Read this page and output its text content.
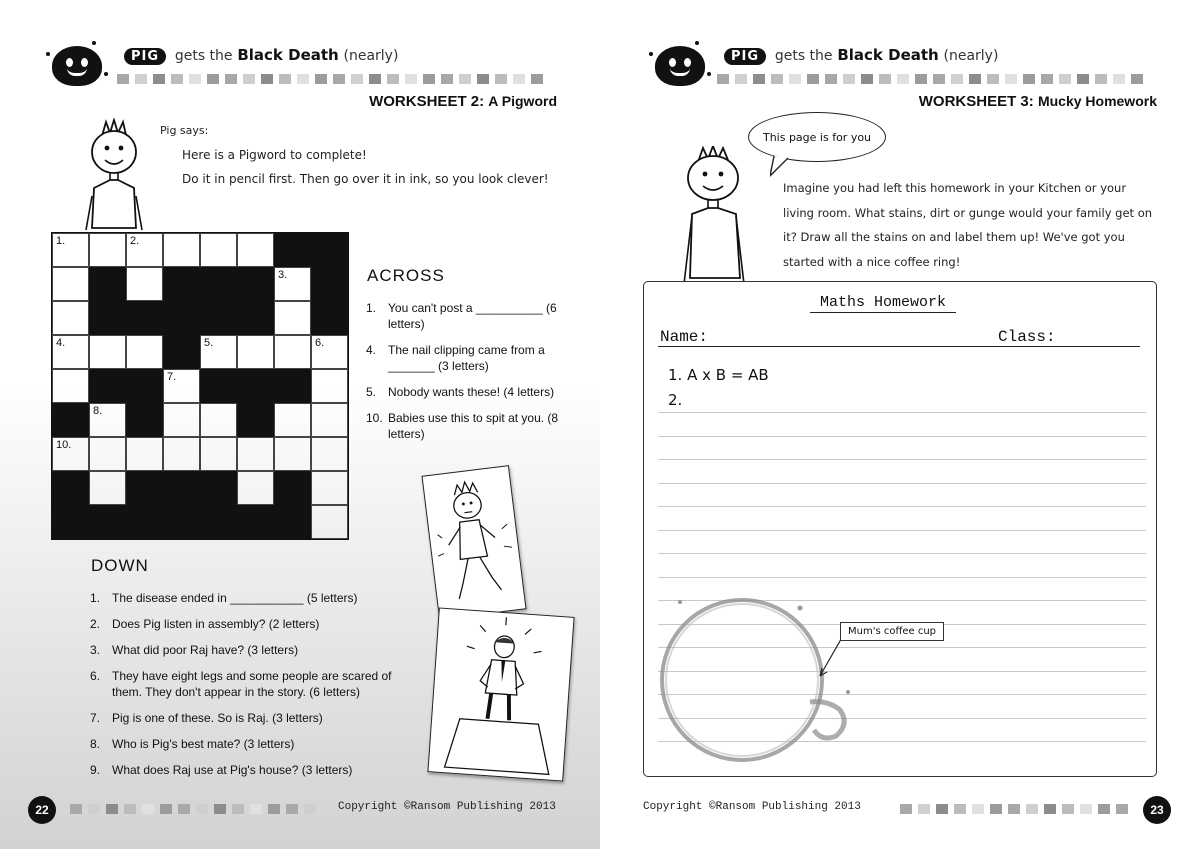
PIG gets the Black Death (nearly)
WORKSHEET 2: A Pigword
Pig says:
Here is a Pigword to complete!
Do it in pencil first. Then go over it in ink, so you look clever!
1.	2.
3.
4.	5.	6.
7.
8.	9.
10.
ACROSS
1. You can't post a __________ (6 letters)
4. The nail clipping came from a _______ (3 letters)
5. Nobody wants these! (4 letters)
10. Babies use this to spit at you. (8 letters)
DOWN
1. The disease ended in ___________ (5 letters)
2. Does Pig listen in assembly? (2 letters)
3. What did poor Raj have? (3 letters)
6. They have eight legs and some people are scared of them. They don't appear in the story. (6 letters)
7. Pig is one of these. So is Raj. (3 letters)
8. Who is Pig's best mate? (3 letters)
9. What does Raj use at Pig's house? (3 letters)
22	Copyright ©Ransom Publishing 2013
PIG gets the Black Death (nearly)
WORKSHEET 3: Mucky Homework
This page is for you
Imagine you had left this homework in your Kitchen or your living room. What stains, dirt or gunge would your family get on it? Draw all the stains on and label them up! We've got you started with a nice coffee ring!
Maths Homework
Name:	Class:
1. A x B = AB
2.
Mum's coffee cup
Copyright ©Ransom Publishing 2013	23
